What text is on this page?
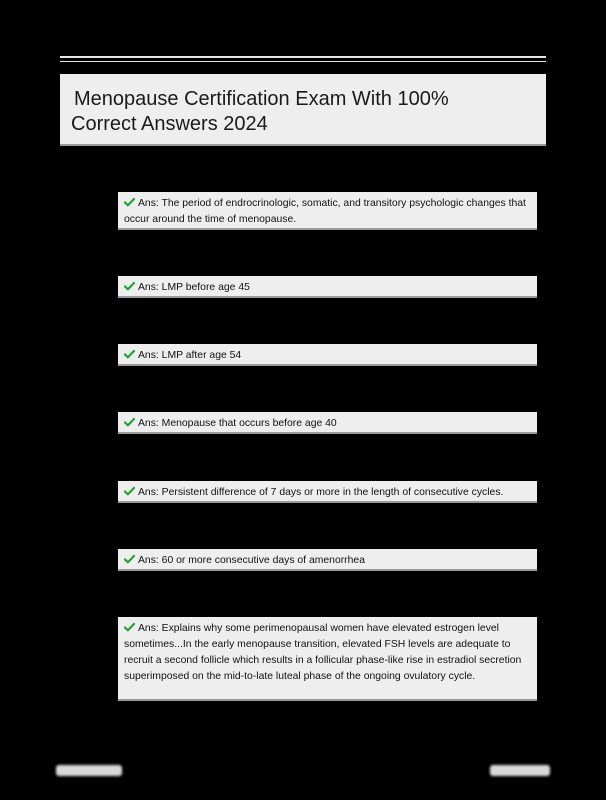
Menopause Certification Exam With 100%
Correct Answers 2024
Ans: The period of endrocrinologic, somatic, and transitory psychologic changes that occur around the time of menopause.
Ans: LMP before age 45
Ans: LMP after age 54
Ans: Menopause that occurs before age 40
Ans: Persistent difference of 7 days or more in the length of consecutive cycles.
Ans: 60 or more consecutive days of amenorrhea
Ans: Explains why some perimenopausal women have elevated estrogen level sometimes...In the early menopause transition, elevated FSH levels are adequate to recruit a second follicle which results in a follicular phase-like rise in estradiol secretion superimposed on the mid-to-late luteal phase of the ongoing ovulatory cycle.
